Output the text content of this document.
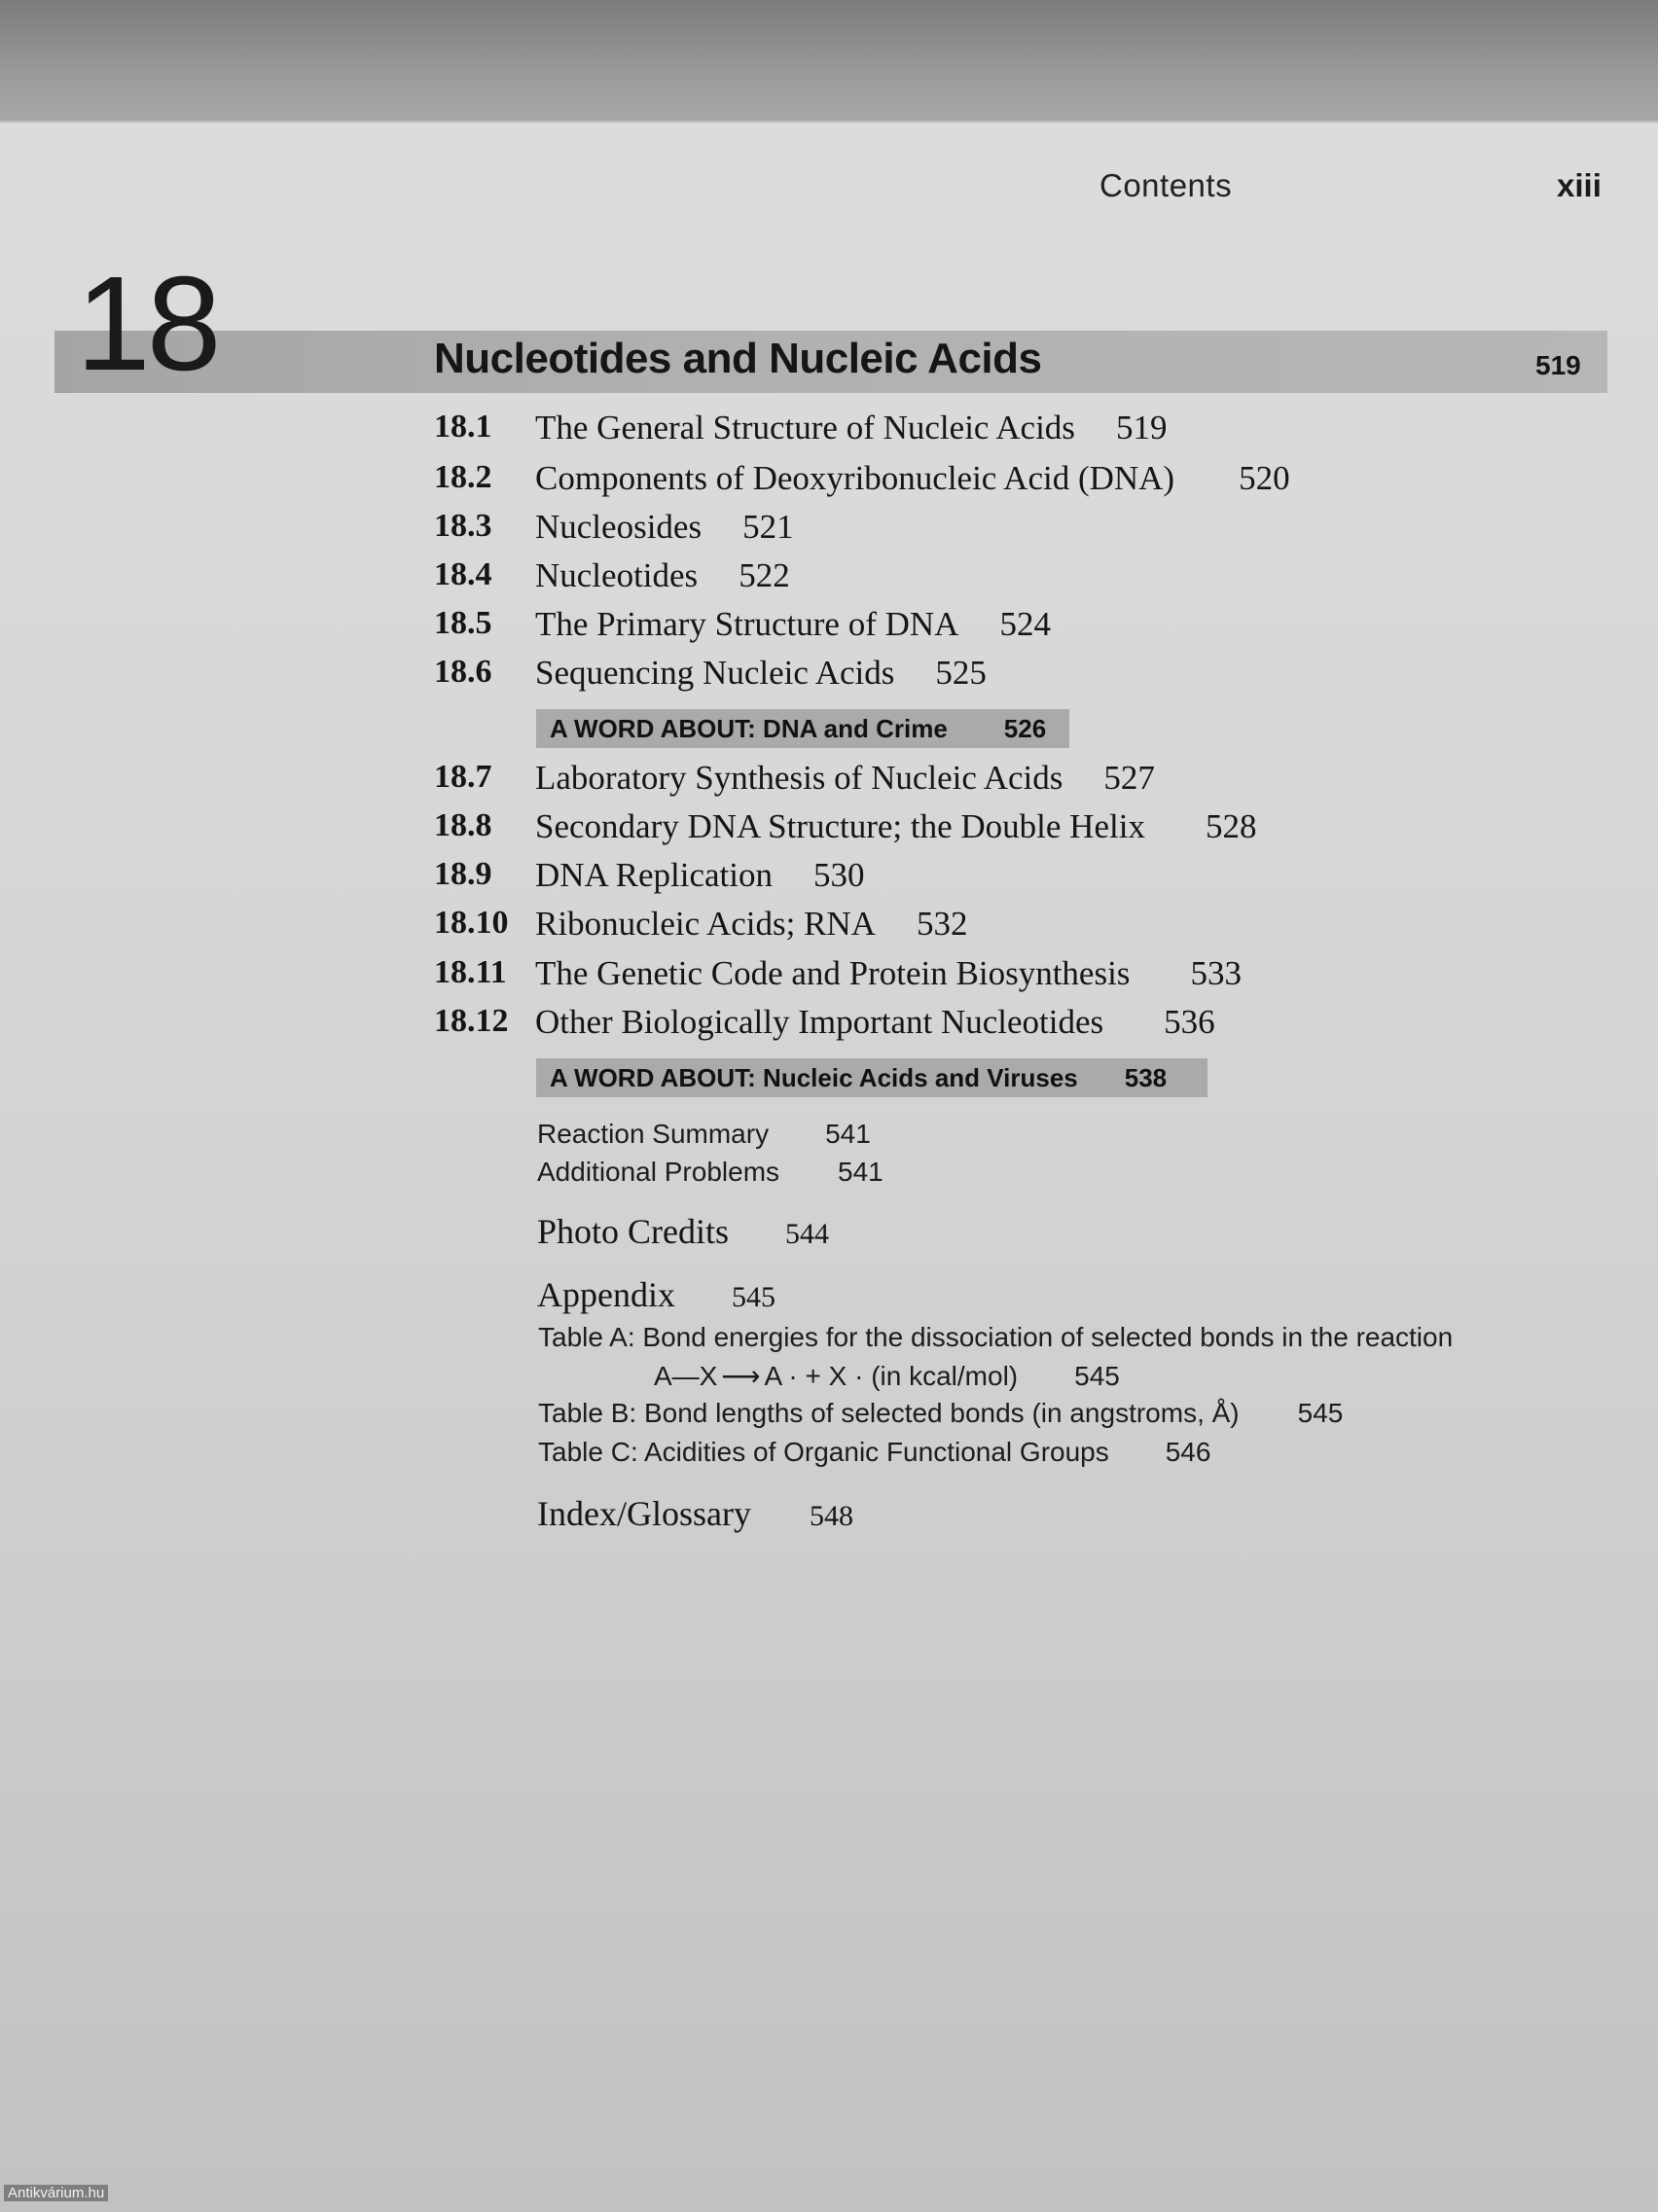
Contents	xiii
18	Nucleotides and Nucleic Acids	519
18.1 The General Structure of Nucleic Acids 519
18.2 Components of Deoxyribonucleic Acid (DNA) 520
18.3 Nucleosides 521
18.4 Nucleotides 522
18.5 The Primary Structure of DNA 524
18.6 Sequencing Nucleic Acids 525
A WORD ABOUT: DNA and Crime 526
18.7 Laboratory Synthesis of Nucleic Acids 527
18.8 Secondary DNA Structure; the Double Helix 528
18.9 DNA Replication 530
18.10 Ribonucleic Acids; RNA 532
18.11 The Genetic Code and Protein Biosynthesis 533
18.12 Other Biologically Important Nucleotides 536
A WORD ABOUT: Nucleic Acids and Viruses 538
Reaction Summary 541
Additional Problems 541
Photo Credits 544
Appendix 545
Table A: Bond energies for the dissociation of selected bonds in the reaction
A—X ⟶ A · + X · (in kcal/mol) 545
Table B: Bond lengths of selected bonds (in angstroms, Å) 545
Table C: Acidities of Organic Functional Groups 546
Index/Glossary 548
Antikvárium.hu
